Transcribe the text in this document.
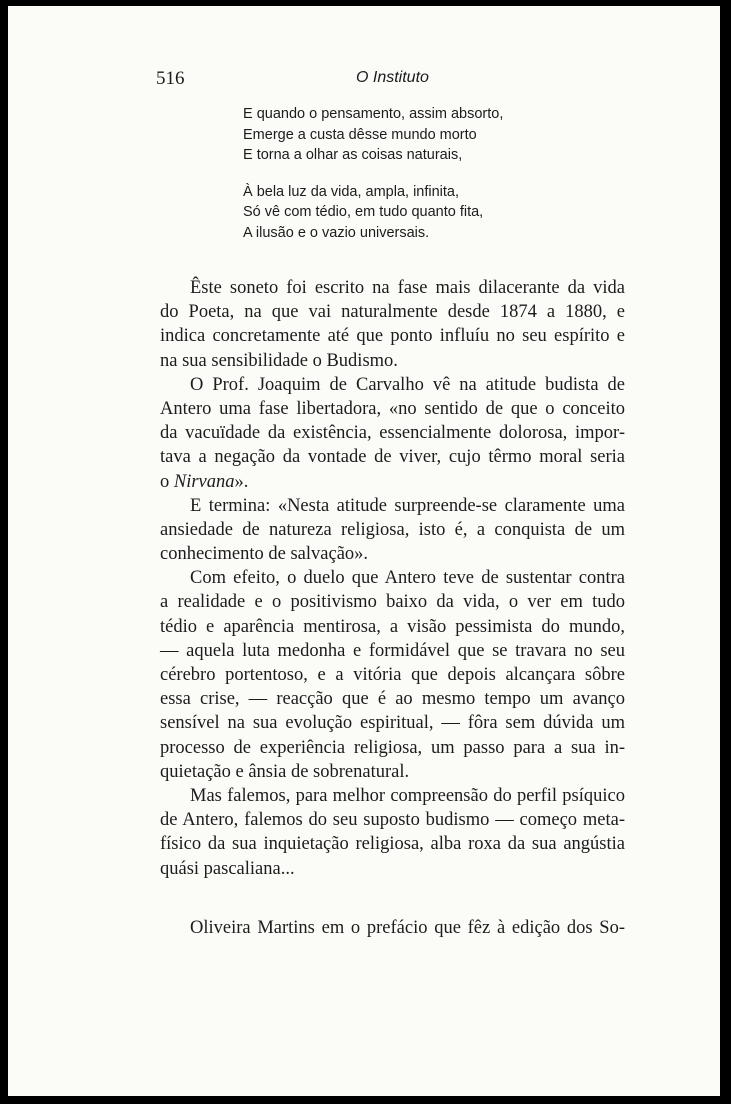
516	O Instituto
E quando o pensamento, assim absorto,
Emerge a custa dêsse mundo morto
E torna a olhar as coisas naturais,
À bela luz da vida, ampla, infinita,
Só vê com tédio, em tudo quanto fita,
A ilusão e o vazio universais.
Êste soneto foi escrito na fase mais dilacerante da vida
do Poeta, na que vai naturalmente desde 1874 a 1880, e
indica concretamente até que ponto influíu no seu espírito e
na sua sensibilidade o Budismo.
O Prof. Joaquim de Carvalho vê na atitude budista de
Antero uma fase libertadora, «no sentido de que o conceito
da vacuïdade da existência, essencialmente dolorosa, impor-
tava a negação da vontade de viver, cujo têrmo moral seria
o Nirvana».
E termina: «Nesta atitude surpreende-se claramente uma
ansiedade de natureza religiosa, isto é, a conquista de um
conhecimento de salvação».
Com efeito, o duelo que Antero teve de sustentar contra
a realidade e o positivismo baixo da vida, o ver em tudo
tédio e aparência mentirosa, a visão pessimista do mundo,
— aquela luta medonha e formidável que se travara no seu
cérebro portentoso, e a vitória que depois alcançara sôbre
essa crise, — reacção que é ao mesmo tempo um avanço
sensível na sua evolução espiritual, — fôra sem dúvida um
processo de experiência religiosa, um passo para a sua in-
quietação e ânsia de sobrenatural.
Mas falemos, para melhor compreensão do perfil psíquico
de Antero, falemos do seu suposto budismo — começo meta-
físico da sua inquietação religiosa, alba roxa da sua angústia
quási pascaliana...
Oliveira Martins em o prefácio que fêz à edição dos So-
